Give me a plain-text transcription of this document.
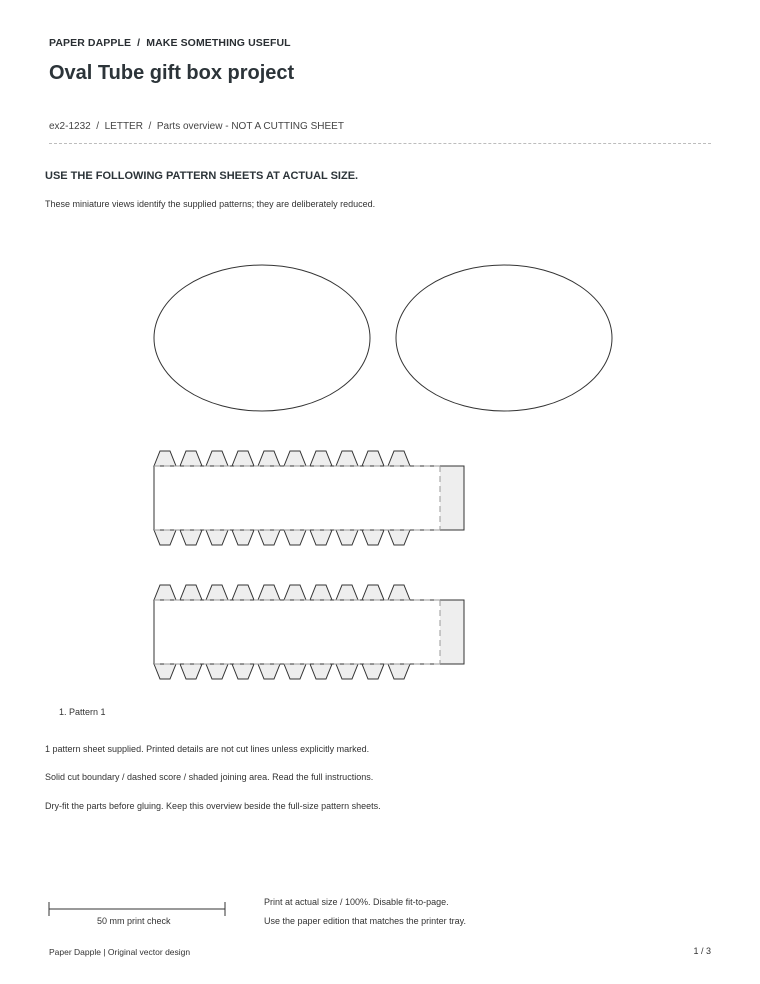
PAPER DAPPLE / MAKE SOMETHING USEFUL
Oval Tube gift box project
ex2-1232 / LETTER / Parts overview - NOT A CUTTING SHEET
USE THE FOLLOWING PATTERN SHEETS AT ACTUAL SIZE.
These miniature views identify the supplied patterns; they are deliberately reduced.
1. Pattern 1
1 pattern sheet supplied. Printed details are not cut lines unless explicitly marked.
Solid cut boundary / dashed score / shaded joining area. Read the full instructions.
Dry-fit the parts before gluing. Keep this overview beside the full-size pattern sheets.
50 mm print check
Print at actual size / 100%. Disable fit-to-page.
Use the paper edition that matches the printer tray.
Paper Dapple | Original vector design	1 / 3
